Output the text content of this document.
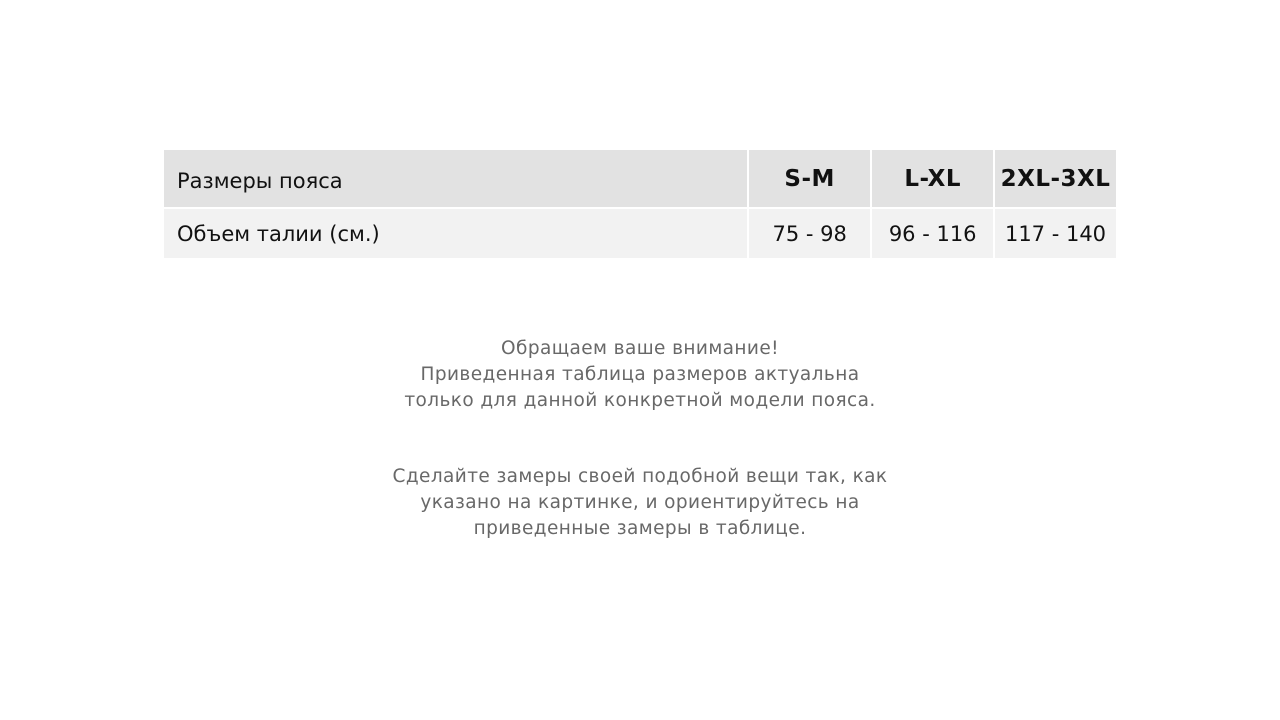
Размеры пояса	S-M	L-XL	2XL-3XL
Объем талии (см.)	75 - 98	96 - 116	117 - 140

Обращаем ваше внимание!

Приведенная таблица размеров актуальна

только для данной конкретной модели пояса.

Сделайте замеры своей подобной вещи так, как

указано на картинке, и ориентируйтесь на

приведенные замеры в таблице.
